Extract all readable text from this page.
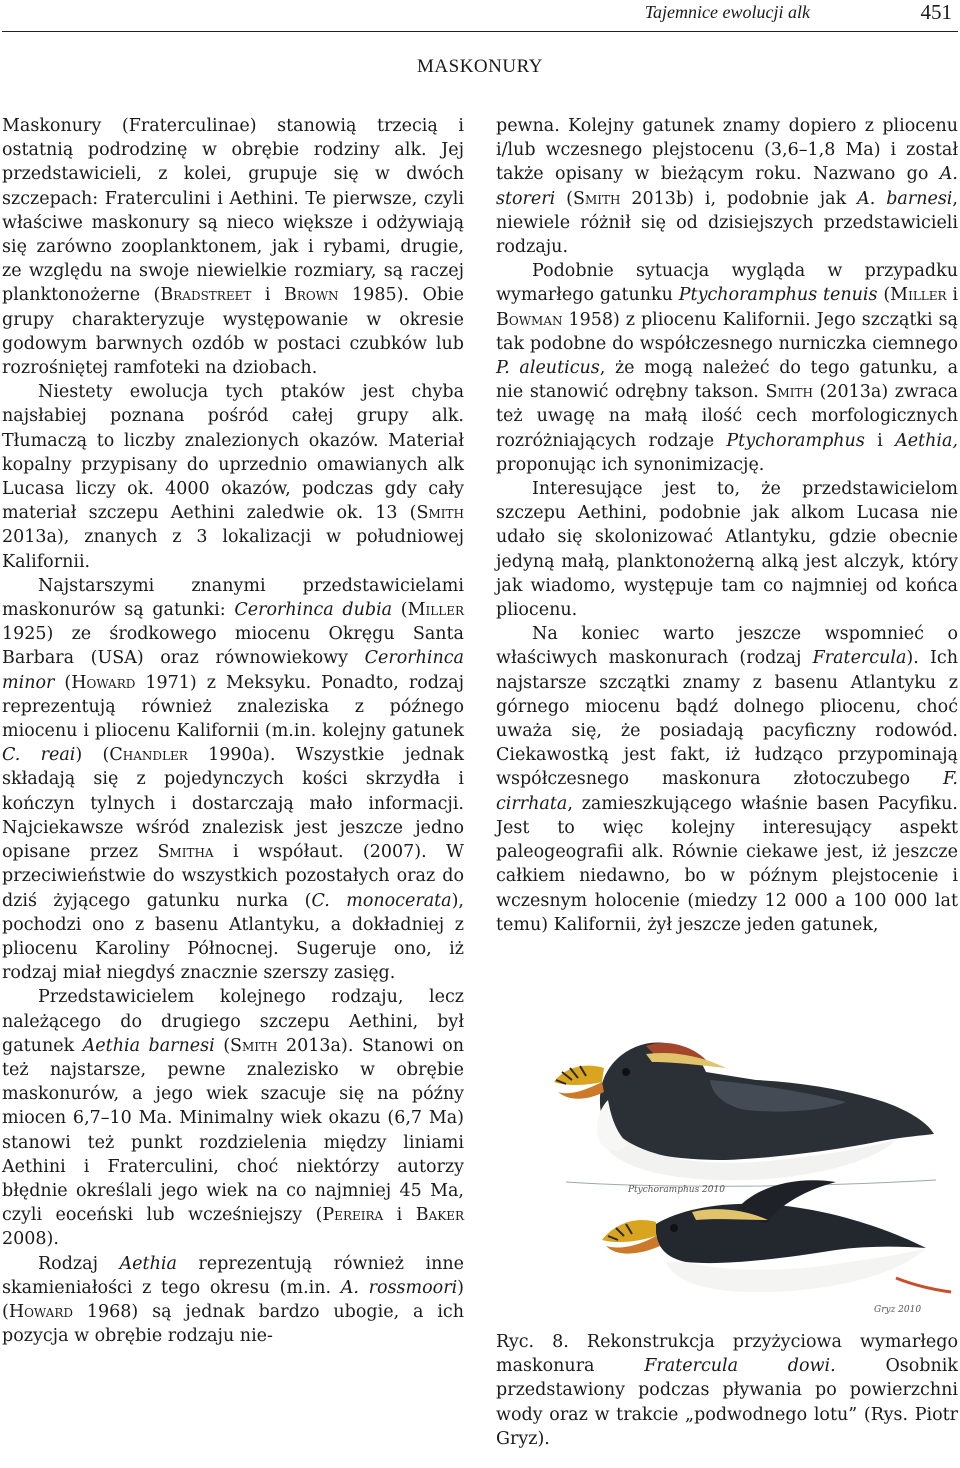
Tajemnice ewolucji alk	451
MASKONURY

Maskonury (Fraterculinae) stanowią trzecią i ostatnią podrodzinę w obrębie rodziny alk. Jej przedstawicieli, z kolei, grupuje się w dwóch szczepach: Fraterculini i Aethini. Te pierwsze, czyli właściwe maskonury są nieco większe i odżywiają się zarówno zooplanktonem, jak i rybami, drugie, ze względu na swoje niewielkie rozmiary, są raczej planktonożerne (Bradstreet i Brown 1985). Obie grupy charakteryzuje występowanie w okresie godowym barwnych ozdób w postaci czubków lub rozrośniętej ramfoteki na dziobach.

Niestety ewolucja tych ptaków jest chyba najsłabiej poznana pośród całej grupy alk. Tłumaczą to liczby znalezionych okazów. Materiał kopalny przypisany do uprzednio omawianych alk Lucasa liczy ok. 4000 okazów, podczas gdy cały materiał szczepu Aethini zaledwie ok. 13 (Smith 2013a), znanych z 3 lokalizacji w południowej Kalifornii.

Najstarszymi znanymi przedstawicielami maskonurów są gatunki: Cerorhinca dubia (Miller 1925) ze środkowego miocenu Okręgu Santa Barbara (USA) oraz równowiekowy Cerorhinca minor (Howard 1971) z Meksyku. Ponadto, rodzaj reprezentują również znaleziska z późnego miocenu i pliocenu Kalifornii (m.in. kolejny gatunek C. reai) (Chandler 1990a). Wszystkie jednak składają się z pojedynczych kości skrzydła i kończyn tylnych i dostarczają mało informacji. Najciekawsze wśród znalezisk jest jeszcze jedno opisane przez Smitha i współaut. (2007). W przeciwieństwie do wszystkich pozostałych oraz do dziś żyjącego gatunku nurka (C. monocerata), pochodzi ono z basenu Atlantyku, a dokładniej z pliocenu Karoliny Północnej. Sugeruje ono, iż rodzaj miał niegdyś znacznie szerszy zasięg.

Przedstawicielem kolejnego rodzaju, lecz należącego do drugiego szczepu Aethini, był gatunek Aethia barnesi (Smith 2013a). Stanowi on też najstarsze, pewne znalezisko w obrębie maskonurów, a jego wiek szacuje się na późny miocen 6,7–10 Ma. Minimalny wiek okazu (6,7 Ma) stanowi też punkt rozdzielenia między liniami Aethini i Fraterculini, choć niektórzy autorzy błędnie określali jego wiek na co najmniej 45 Ma, czyli eoceński lub wcześniejszy (Pereira i Baker 2008).

Rodzaj Aethia reprezentują również inne skamieniałości z tego okresu (m.in. A. rossmoori) (Howard 1968) są jednak bardzo ubogie, a ich pozycja w obrębie rodzaju nie-

pewna. Kolejny gatunek znamy dopiero z pliocenu i/lub wczesnego plejstocenu (3,6–1,8 Ma) i został także opisany w bieżącym roku. Nazwano go A. storeri (Smith 2013b) i, podobnie jak A. barnesi, niewiele różnił się od dzisiejszych przedstawicieli rodzaju.

Podobnie sytuacja wygląda w przypadku wymarłego gatunku Ptychoramphus tenuis (Miller i Bowman 1958) z pliocenu Kalifornii. Jego szczątki są tak podobne do współczesnego nurniczka ciemnego P. aleuticus, że mogą należeć do tego gatunku, a nie stanowić odrębny takson. Smith (2013a) zwraca też uwagę na małą ilość cech morfologicznych rozróżniających rodzaje Ptychoramphus i Aethia, proponując ich synonimizację.

Interesujące jest to, że przedstawicielom szczepu Aethini, podobnie jak alkom Lucasa nie udało się skolonizować Atlantyku, gdzie obecnie jedyną małą, planktonożerną alką jest alczyk, który jak wiadomo, występuje tam co najmniej od końca pliocenu.

Na koniec warto jeszcze wspomnieć o właściwych maskonurach (rodzaj Fratercula). Ich najstarsze szczątki znamy z basenu Atlantyku z górnego miocenu bądź dolnego pliocenu, choć uważa się, że posiadają pacyficzny rodowód. Ciekawostką jest fakt, iż łudząco przypominają współczesnego maskonura złotoczubego F. cirrhata, zamieszkującego właśnie basen Pacyfiku. Jest to więc kolejny interesujący aspekt paleogeografii alk. Równie ciekawe jest, iż jeszcze całkiem niedawno, bo w późnym plejstocenie i wczesnym holocenie (miedzy 12 000 a 100 000 lat temu) Kalifornii, żył jeszcze jeden gatunek,

Ptychoramphus 2010
Gryz 2010
Ryc. 8. Rekonstrukcja przyżyciowa wymarłego maskonura Fratercula dowi. Osobnik przedstawiony podczas pływania po powierzchni wody oraz w trakcie „podwodnego lotu” (Rys. Piotr Gryz).
